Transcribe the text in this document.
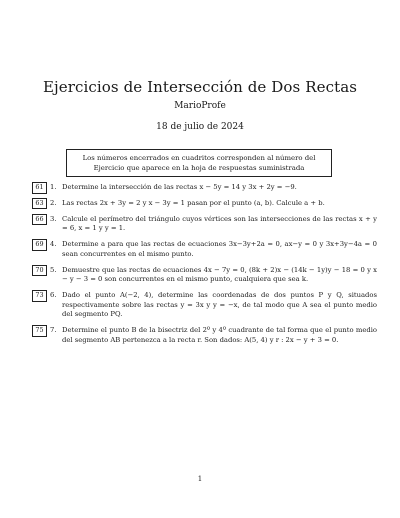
Ejercicios de Intersección de Dos Rectas
MarioProfe
18 de julio de 2024
Los números encerrados en cuadritos corresponden al número del Ejercicio que aparece en la hoja de respuestas suministrada
61 1. Determine la intersección de las rectas x − 5y = 14 y 3x + 2y = −9.
63 2. Las rectas 2x + 3y = 2 y x − 3y = 1 pasan por el punto (a, b). Calcule a + b.
66 3. Calcule el perímetro del triángulo cuyos vértices son las intersecciones de las rectas x + y = 6, x = 1 y y = 1.
69 4. Determine a para que las rectas de ecuaciones 3x−3y+2a = 0, ax−y = 0 y 3x+3y−4a = 0 sean concurrentes en el mismo punto.
70 5. Demuestre que las rectas de ecuaciones 4x − 7y = 0, (8k + 2)x − (14k − 1y)y − 18 = 0 y x − y − 3 = 0 son concurrentes en el mismo punto, cualquiera que sea k.
73 6. Dado el punto A(−2, 4), determine las coordenadas de dos puntos P y Q, situados respectivamente sobre las rectas y = 3x y y = −x, de tal modo que A sea el punto medio del segmento PQ.
75 7. Determine el punto B de la bisectriz del 2º y 4º cuadrante de tal forma que el punto medio del segmento AB pertenezca a la recta r. Son dados: A(5, 4) y r : 2x − y + 3 = 0.
1
